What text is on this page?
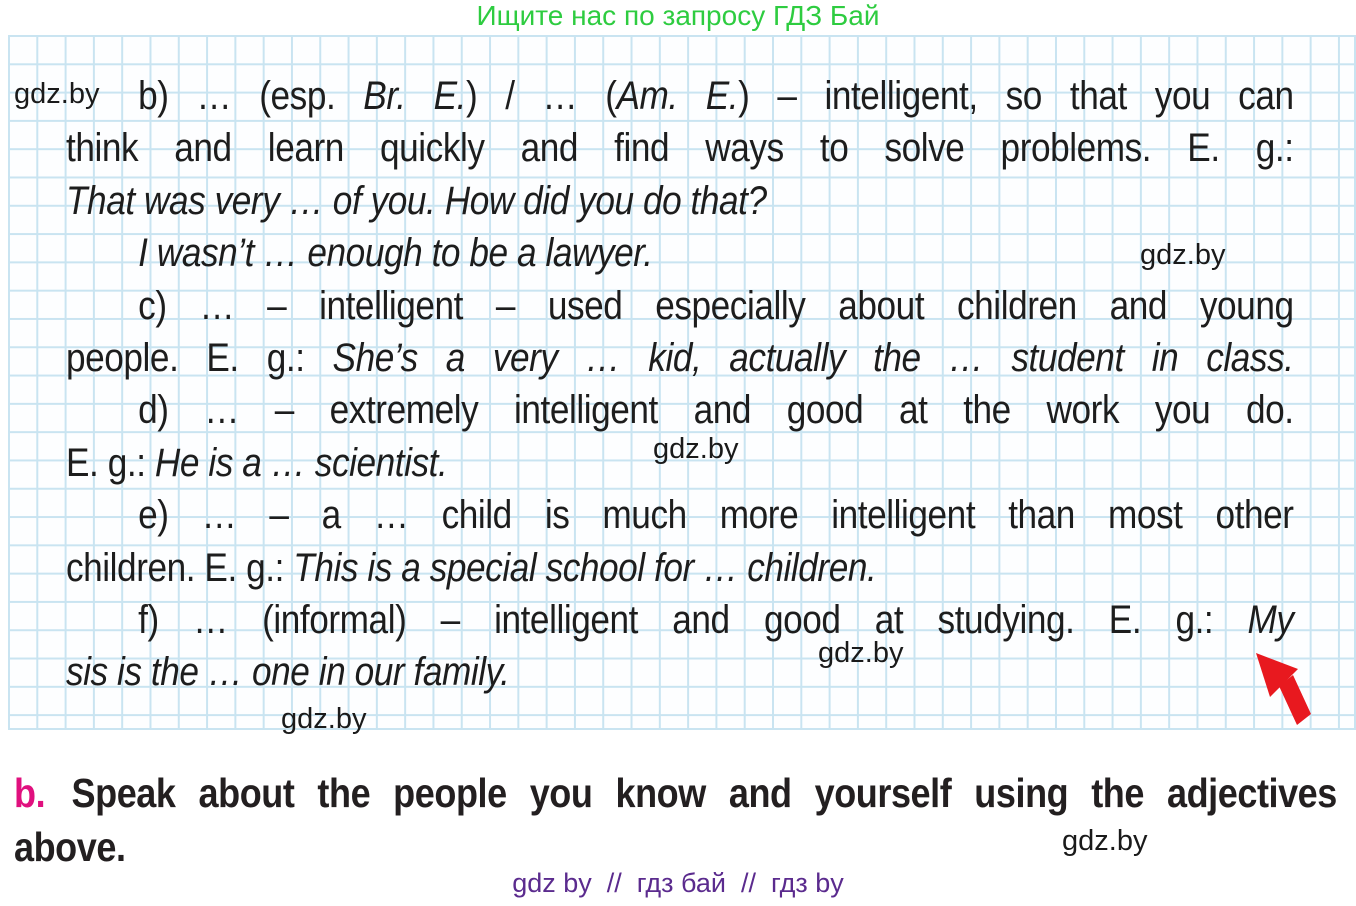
Ищите нас по запросу ГДЗ Бай
b) … (esp. Br. E.) / … (Am. E.) – intelligent, so that you can
think and learn quickly and find ways to solve problems. E. g.:
That was very … of you. How did you do that?
I wasn’t … enough to be a lawyer.
c) … – intelligent – used especially about children and young
people. E. g.: She’s a very … kid, actually the … student in class.
d) … – extremely intelligent and good at the work you do.
E. g.: He is a … scientist.
e) … – a … child is much more intelligent than most other
children. E. g.: This is a special school for … children.
f) … (informal) – intelligent and good at studying. E. g.: My
sis is the … one in our family.
gdz.by
gdz.by
gdz.by
gdz.by
gdz.by
gdz.by
b. Speak about the people you know and yourself using the adjectives
above.
gdz by  //  гдз бай  //  гдз by
